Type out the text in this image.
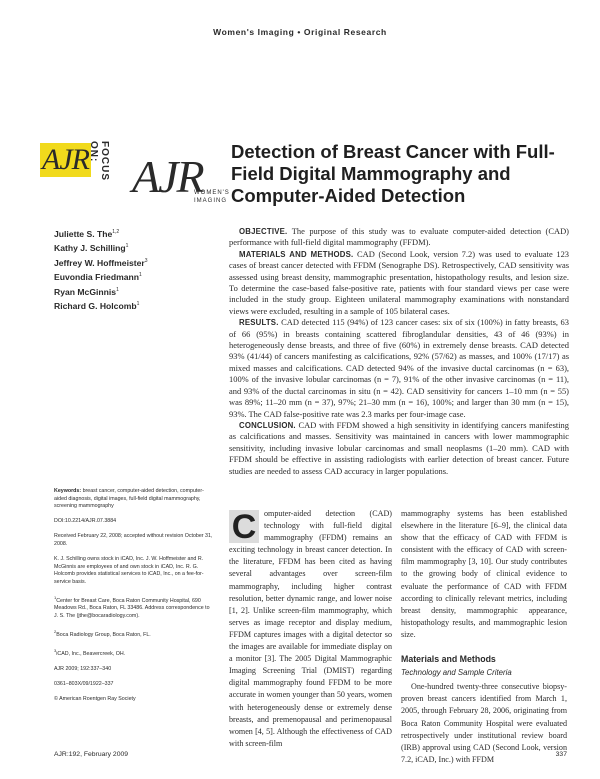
Women's Imaging • Original Research
AJR	FOCUS ON: AJR
WOMEN'S IMAGING
Detection of Breast Cancer with Full-Field Digital Mammography and Computer-Aided Detection
Juliette S. The$^{1,2}$
Kathy J. Schilling$^1$
Jeffrey W. Hoffmeister$^3$
Euvondia Friedmann$^1$
Ryan McGinnis$^1$
Richard G. Holcomb$^1$

OBJECTIVE. The purpose of this study was to evaluate computer-aided detection (CAD) performance with full-field digital mammography (FFDM).

MATERIALS AND METHODS. CAD (Second Look, version 7.2) was used to evaluate 123 cases of breast cancer detected with FFDM (Senographe DS). Retrospectively, CAD sensitivity was assessed using breast density, mammographic presentation, histopathology results, and lesion size. To determine the case-based false-positive rate, patients with four standard views per case were included in the study group. Eighteen unilateral mammography examinations with nonstandard views were excluded, resulting in a sample of 105 bilateral cases.

RESULTS. CAD detected 115 (94%) of 123 cancer cases: six of six (100%) in fatty breasts, 63 of 66 (95%) in breasts containing scattered fibroglandular densities, 43 of 46 (93%) in heterogeneously dense breasts, and three of five (60%) in extremely dense breasts. CAD detected 93% (41/44) of cancers manifesting as calcifications, 92% (57/62) as masses, and 100% (17/17) as mixed masses and calcifications. CAD detected 94% of the invasive ductal carcinomas (n = 63), 100% of the invasive lobular carcinomas (n = 7), 91% of the other invasive carcinomas (n = 11), and 93% of the ductal carcinomas in situ (n = 42). CAD sensitivity for cancers 1–10 mm (n = 55) was 89%; 11–20 mm (n = 37), 97%; 21–30 mm (n = 16), 100%; and larger than 30 mm (n = 15), 93%. The CAD false-positive rate was 2.3 marks per four-image case.

CONCLUSION. CAD with FFDM showed a high sensitivity in identifying cancers manifesting as calcifications and masses. Sensitivity was maintained in cancers with lower mammographic sensitivity, including invasive lobular carcinomas and small neoplasms (1–20 mm). CAD with FFDM should be effective in assisting radiologists with earlier detection of breast cancer. Future studies are needed to assess CAD accuracy in larger populations.

Keywords: breast cancer, computer-aided detection, computer-aided diagnosis, digital images, full-field digital mammography, screening mammography

DOI:10.2214/AJR.07.3884

Received February 22, 2008; accepted without revision October 31, 2008.

K. J. Schilling owns stock in iCAD, Inc. J. W. Hoffmeister and R. McGinnis are employees of and own stock in iCAD, Inc. R. G. Holcomb provides statistical services to iCAD, Inc., on a fee-for-service basis.

$^1$Center for Breast Care, Boca Raton Community Hospital, 690 Meadows Rd., Boca Raton, FL 33486. Address correspondence to J. S. The (jthe@bocaradiology.com).

$^2$Boca Radiology Group, Boca Raton, FL.

$^3$iCAD, Inc., Beavercreek, OH.

AJR 2009; 192:337–340

0361–803X/09/1922–337

© American Roentgen Ray Society

C omputer-aided detection (CAD) technology with full-field digital mammography (FFDM) remains an exciting technology in breast cancer detection. In the literature, FFDM has been cited as having several advantages over screen-film mammography, including higher contrast resolution, better dynamic range, and lower noise [1, 2]. Unlike screen-film mammography, which serves as image receptor and display medium, FFDM captures images with a digital detector so the images are available for immediate display on a monitor [3]. The 2005 Digital Mammographic Imaging Screening Trial (DMIST) regarding digital mammography found FFDM to be more accurate in women younger than 50 years, women with heterogeneously dense or extremely dense breasts, and premenopausal and perimenopausal women [4, 5]. Although the effectiveness of CAD with screen-film

mammography systems has been established elsewhere in the literature [6–9], the clinical data show that the efficacy of CAD with FFDM is consistent with the efficacy of CAD with screen-film mammography [3, 10]. Our study contributes to the growing body of clinical evidence to evaluate the performance of CAD with FFDM according to clinically relevant metrics, including breast density, mammographic appearance, histopathology results, and mammographic lesion size.

Materials and Methods

Technology and Sample Criteria

One-hundred twenty-three consecutive biopsy-proven breast cancers identified from March 1, 2005, through February 28, 2006, originating from Boca Raton Community Hospital were evaluated retrospectively under institutional review board (IRB) approval using CAD (Second Look, version 7.2, iCAD, Inc.) with FFDM

AJR:192, February 2009	337
